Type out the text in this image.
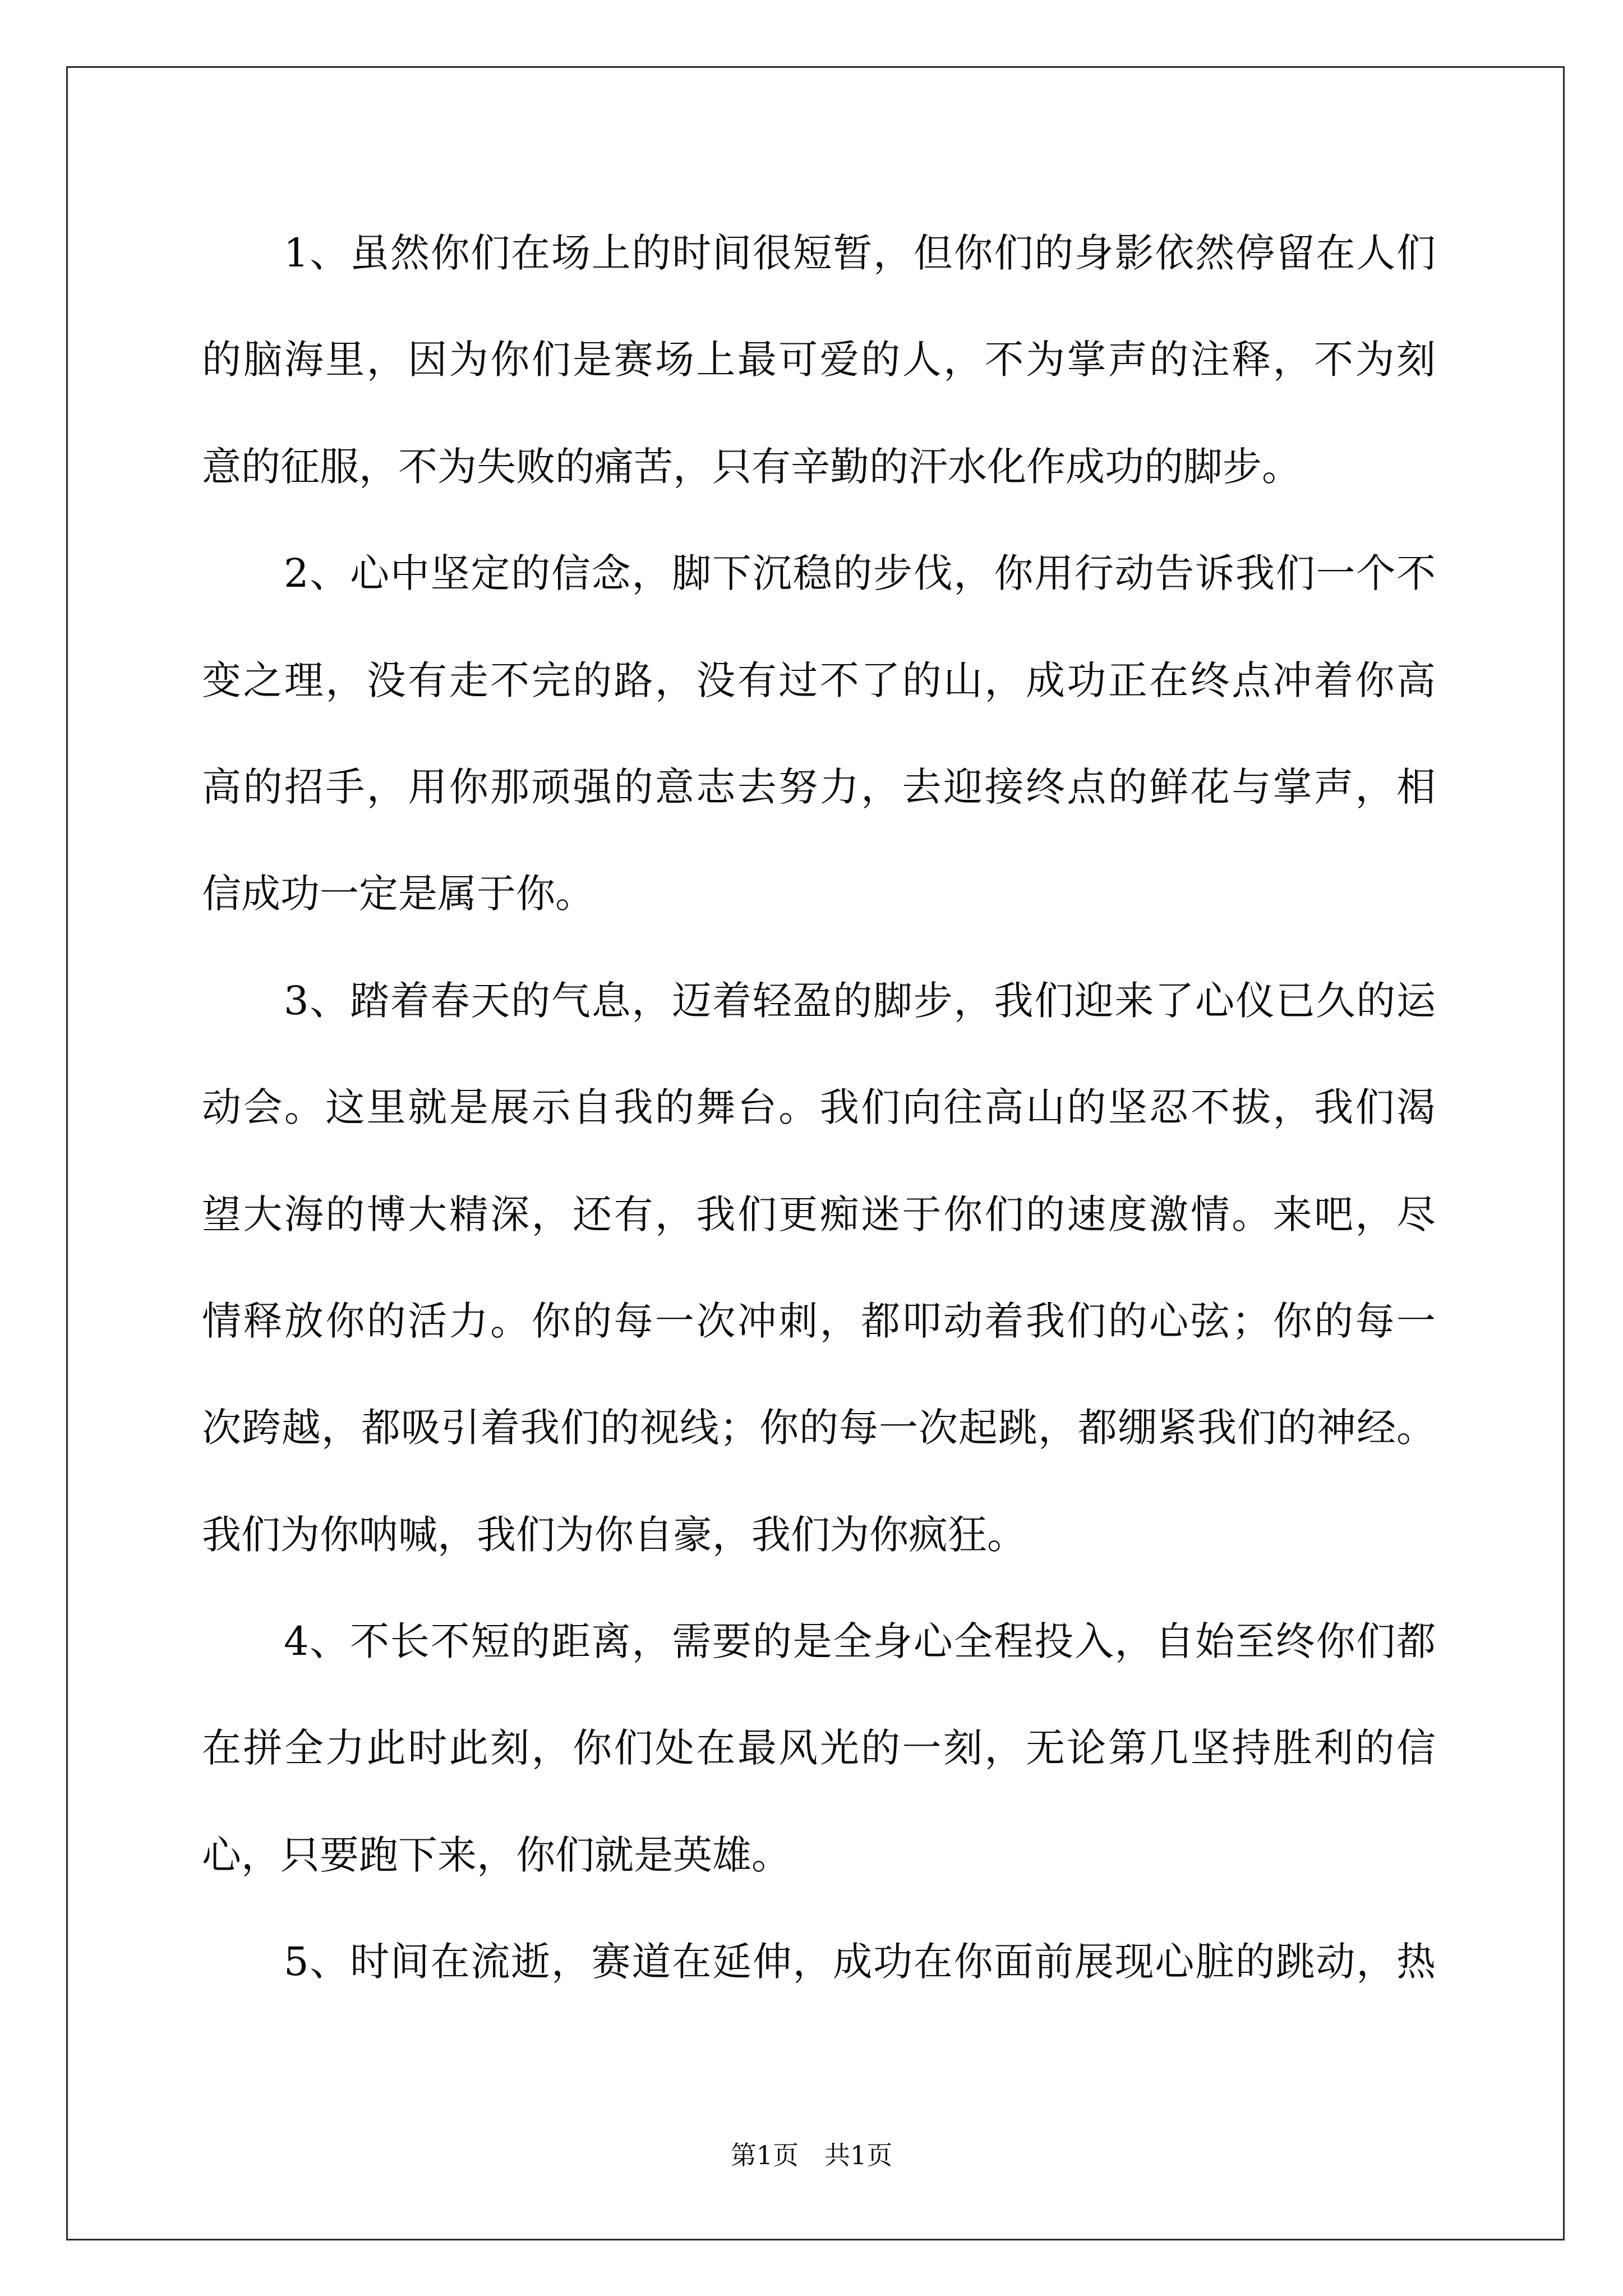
1、虽然你们在场上的时间很短暂，但你们的身影依然停留在人们
的脑海里，因为你们是赛场上最可爱的人，不为掌声的注释，不为刻
意的征服，不为失败的痛苦，只有辛勤的汗水化作成功的脚步。
2、心中坚定的信念，脚下沉稳的步伐，你用行动告诉我们一个不
变之理，没有走不完的路，没有过不了的山，成功正在终点冲着你高
高的招手，用你那顽强的意志去努力，去迎接终点的鲜花与掌声，相
信成功一定是属于你。
3、踏着春天的气息，迈着轻盈的脚步，我们迎来了心仪已久的运
动会。这里就是展示自我的舞台。我们向往高山的坚忍不拔，我们渴
望大海的博大精深，还有，我们更痴迷于你们的速度激情。来吧，尽
情释放你的活力。你的每一次冲刺，都叩动着我们的心弦；你的每一
次跨越，都吸引着我们的视线；你的每一次起跳，都绷紧我们的神经。
我们为你呐喊，我们为你自豪，我们为你疯狂。
4、不长不短的距离，需要的是全身心全程投入，自始至终你们都
在拼全力此时此刻，你们处在最风光的一刻，无论第几坚持胜利的信
心，只要跑下来，你们就是英雄。
5、时间在流逝，赛道在延伸，成功在你面前展现心脏的跳动，热
第1页　共1页
